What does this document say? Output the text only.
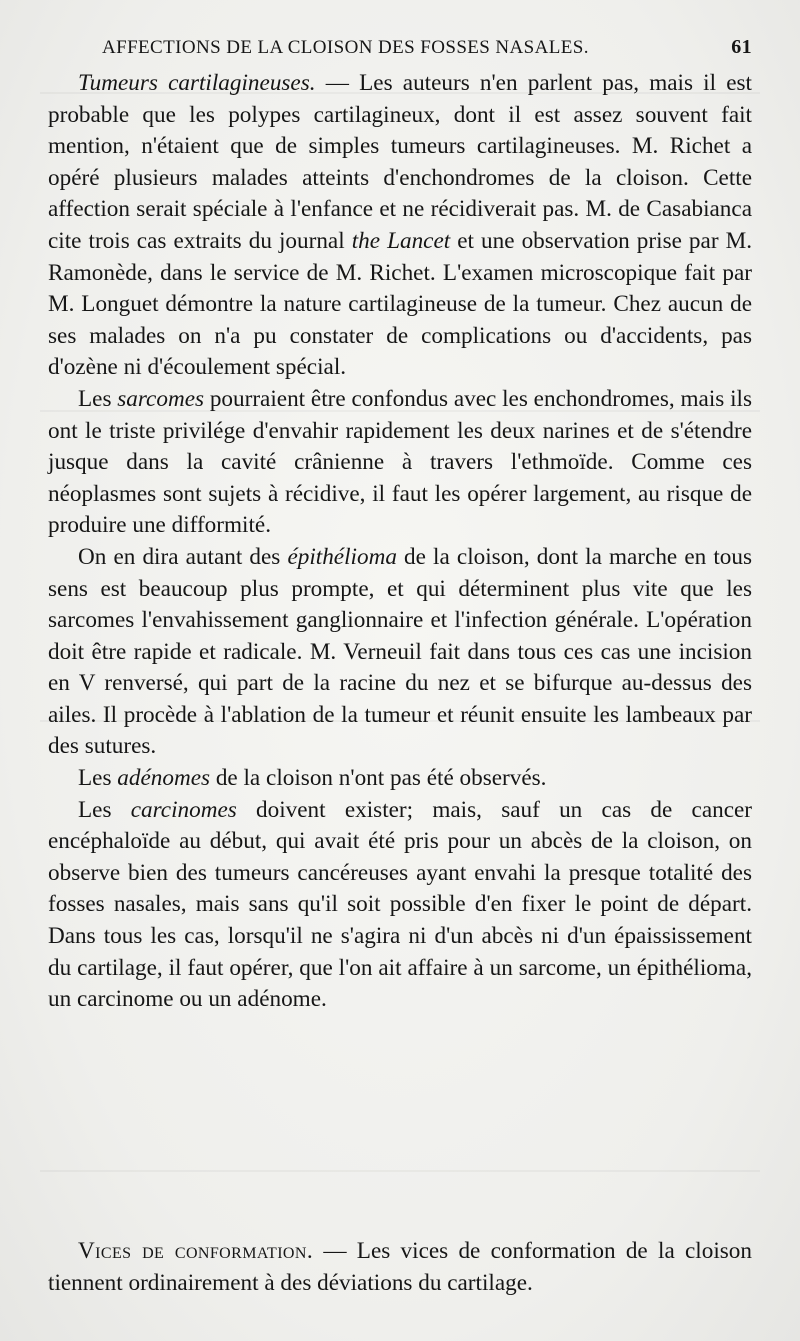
AFFECTIONS DE LA CLOISON DES FOSSES NASALES.	61

Tumeurs cartilagineuses. — Les auteurs n'en parlent pas, mais il est probable que les polypes cartilagineux, dont il est assez souvent fait mention, n'étaient que de simples tumeurs cartilagineuses. M. Richet a opéré plusieurs malades atteints d'enchondromes de la cloison. Cette affection serait spéciale à l'enfance et ne récidiverait pas. M. de Casabianca cite trois cas extraits du journal the Lancet et une observation prise par M. Ramonède, dans le service de M. Richet. L'examen microscopique fait par M. Longuet démontre la nature cartilagineuse de la tumeur. Chez aucun de ses malades on n'a pu constater de complications ou d'accidents, pas d'ozène ni d'écoulement spécial.

Les sarcomes pourraient être confondus avec les enchondromes, mais ils ont le triste privilége d'envahir rapidement les deux narines et de s'étendre jusque dans la cavité crânienne à travers l'ethmoïde. Comme ces néoplasmes sont sujets à récidive, il faut les opérer largement, au risque de produire une difformité.

On en dira autant des épithélioma de la cloison, dont la marche en tous sens est beaucoup plus prompte, et qui déterminent plus vite que les sarcomes l'envahissement ganglionnaire et l'infection générale. L'opération doit être rapide et radicale. M. Verneuil fait dans tous ces cas une incision en V renversé, qui part de la racine du nez et se bifurque au-dessus des ailes. Il procède à l'ablation de la tumeur et réunit ensuite les lambeaux par des sutures.

Les adénomes de la cloison n'ont pas été observés.

Les carcinomes doivent exister; mais, sauf un cas de cancer encéphaloïde au début, qui avait été pris pour un abcès de la cloison, on observe bien des tumeurs cancéreuses ayant envahi la presque totalité des fosses nasales, mais sans qu'il soit possible d'en fixer le point de départ. Dans tous les cas, lorsqu'il ne s'agira ni d'un abcès ni d'un épaississement du cartilage, il faut opérer, que l'on ait affaire à un sarcome, un épithélioma, un carcinome ou un adénome.

Vices de conformation. — Les vices de conformation de la cloison tiennent ordinairement à des déviations du cartilage.
